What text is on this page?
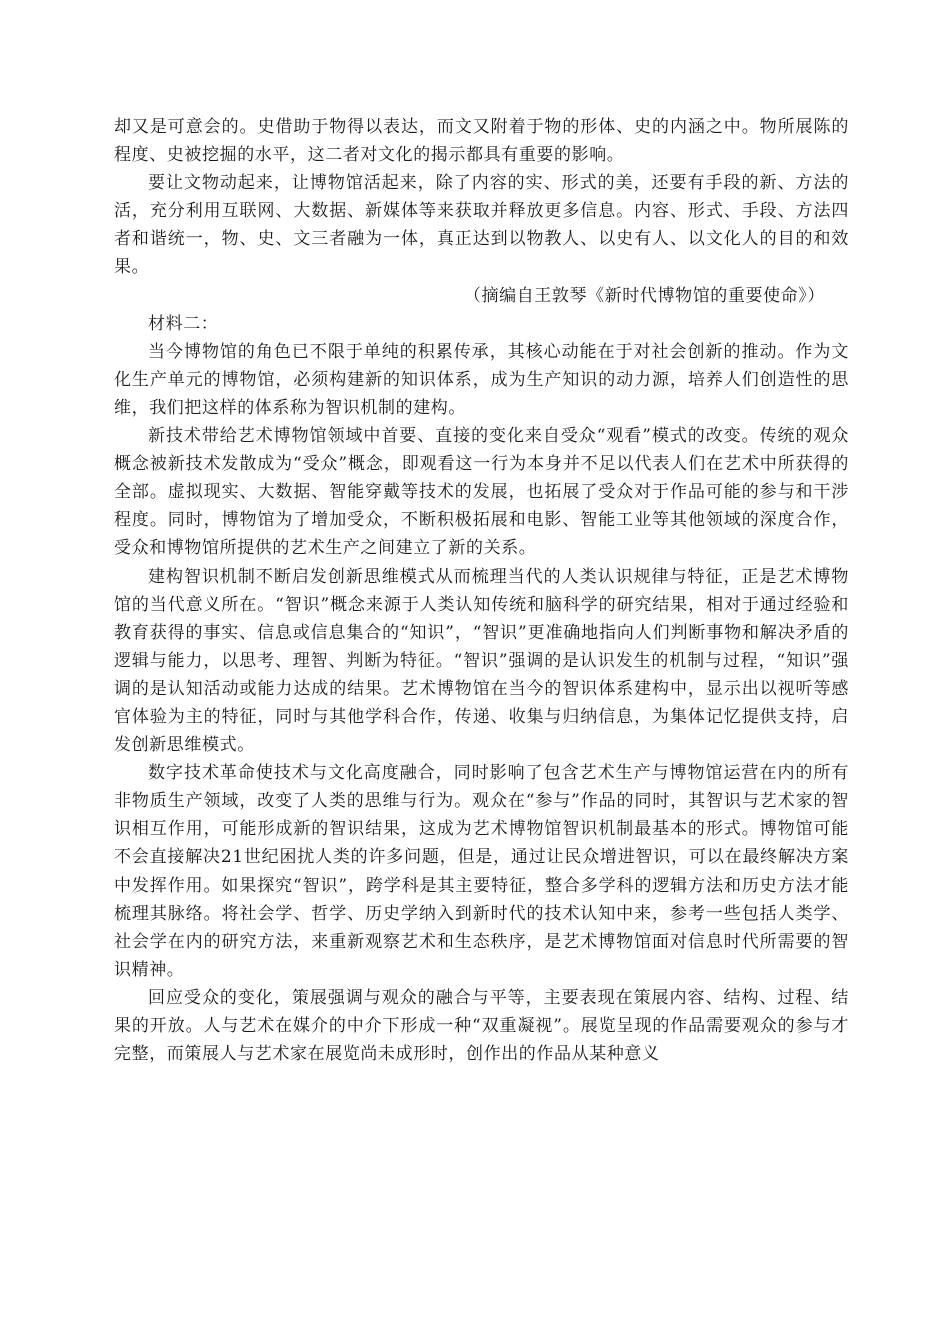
却又是可意会的。史借助于物得以表达，而文又附着于物的形体、史的内涵之中。物所展陈的程度、史被挖掘的水平，这二者对文化的揭示都具有重要的影响。

要让文物动起来，让博物馆活起来，除了内容的实、形式的美，还要有手段的新、方法的活，充分利用互联网、大数据、新媒体等来获取并释放更多信息。内容、形式、手段、方法四者和谐统一，物、史、文三者融为一体，真正达到以物教人、以史有人、以文化人的目的和效果。

（摘编自王敦琴《新时代博物馆的重要使命》）

材料二：

当今博物馆的角色已不限于单纯的积累传承，其核心动能在于对社会创新的推动。作为文化生产单元的博物馆，必须构建新的知识体系，成为生产知识的动力源，培养人们创造性的思维，我们把这样的体系称为智识机制的建构。

新技术带给艺术博物馆领域中首要、直接的变化来自受众“观看”模式的改变。传统的观众概念被新技术发散成为“受众”概念，即观看这一行为本身并不足以代表人们在艺术中所获得的全部。虚拟现实、大数据、智能穿戴等技术的发展，也拓展了受众对于作品可能的参与和干涉程度。同时，博物馆为了增加受众，不断积极拓展和电影、智能工业等其他领域的深度合作，受众和博物馆所提供的艺术生产之间建立了新的关系。

建构智识机制不断启发创新思维模式从而梳理当代的人类认识规律与特征，正是艺术博物馆的当代意义所在。“智识”概念来源于人类认知传统和脑科学的研究结果，相对于通过经验和教育获得的事实、信息或信息集合的“知识”，“智识”更准确地指向人们判断事物和解决矛盾的逻辑与能力，以思考、理智、判断为特征。“智识”强调的是认识发生的机制与过程，“知识”强调的是认知活动或能力达成的结果。艺术博物馆在当今的智识体系建构中，显示出以视听等感官体验为主的特征，同时与其他学科合作，传递、收集与归纳信息，为集体记忆提供支持，启发创新思维模式。

数字技术革命使技术与文化高度融合，同时影响了包含艺术生产与博物馆运营在内的所有非物质生产领域，改变了人类的思维与行为。观众在“参与”作品的同时，其智识与艺术家的智识相互作用，可能形成新的智识结果，这成为艺术博物馆智识机制最基本的形式。博物馆可能不会直接解决21世纪困扰人类的许多问题，但是，通过让民众增进智识，可以在最终解决方案中发挥作用。如果探究“智识”，跨学科是其主要特征，整合多学科的逻辑方法和历史方法才能梳理其脉络。将社会学、哲学、历史学纳入到新时代的技术认知中来，参考一些包括人类学、社会学在内的研究方法，来重新观察艺术和生态秩序，是艺术博物馆面对信息时代所需要的智识精神。

回应受众的变化，策展强调与观众的融合与平等，主要表现在策展内容、结构、过程、结果的开放。人与艺术在媒介的中介下形成一种“双重凝视”。展览呈现的作品需要观众的参与才完整，而策展人与艺术家在展览尚未成形时，创作出的作品从某种意义
